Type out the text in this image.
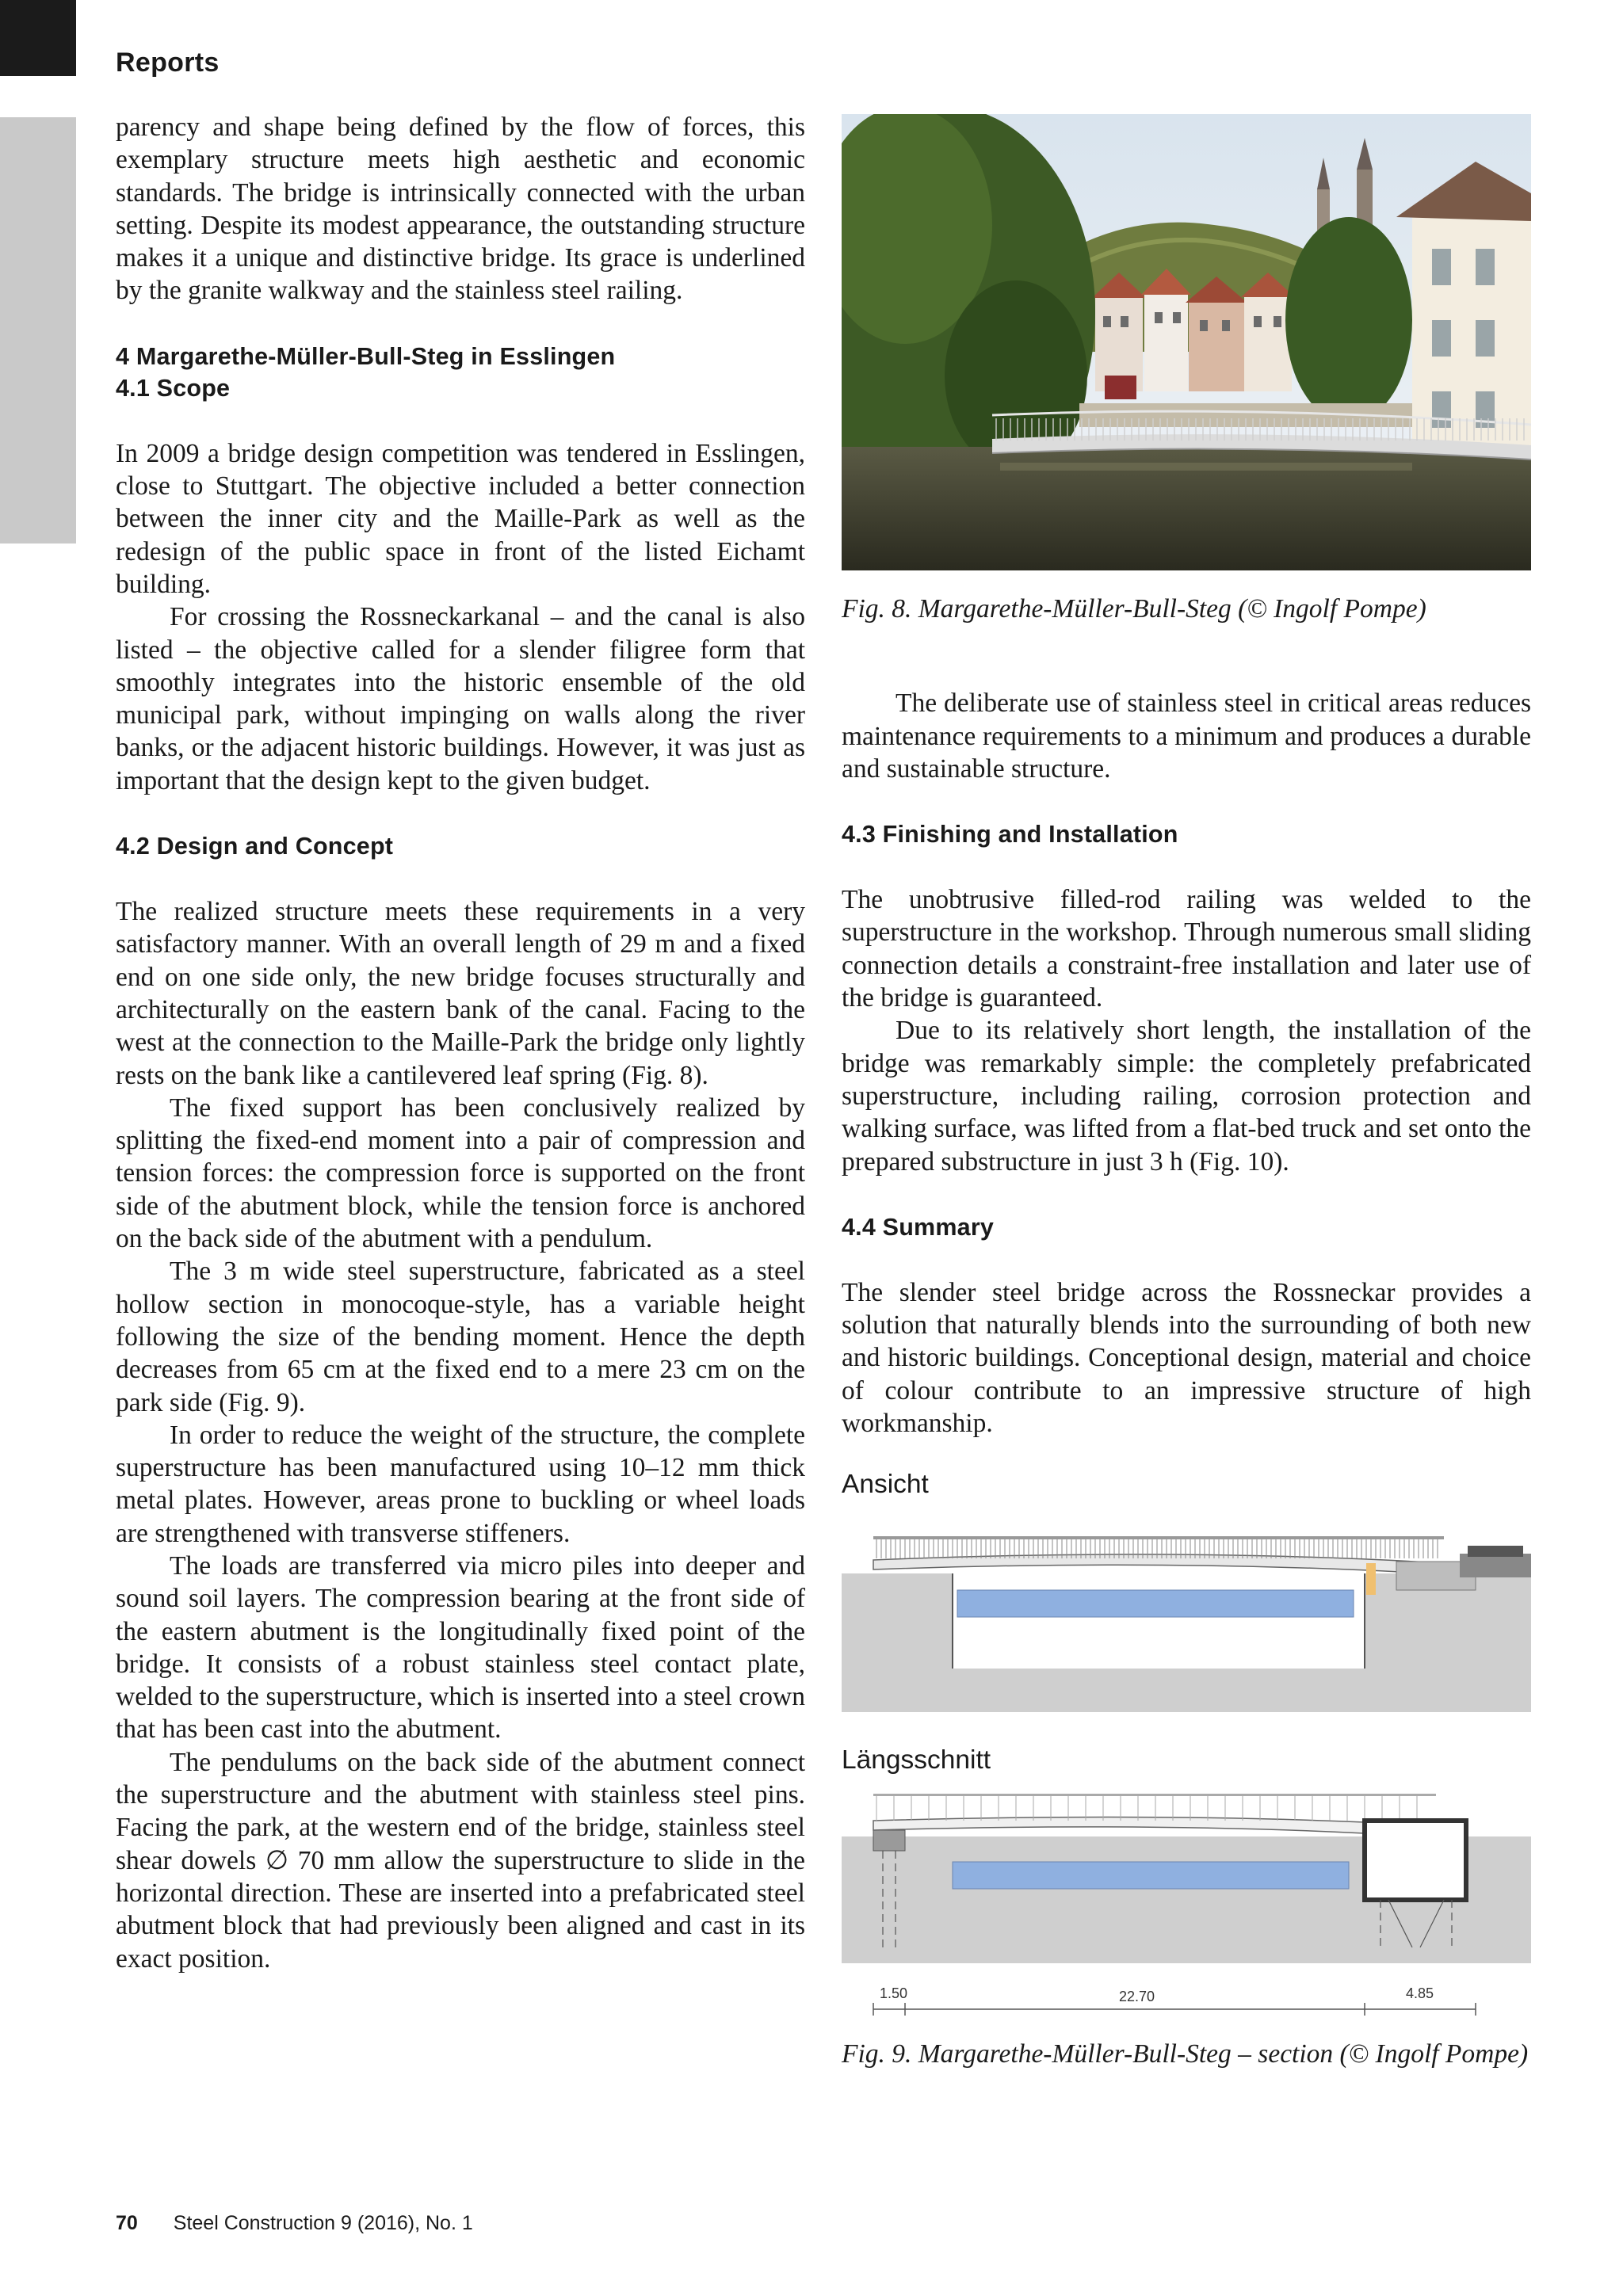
Reports

parency and shape being defined by the flow of forces, this exemplary structure meets high aesthetic and economic standards. The bridge is intrinsically connected with the urban setting. Despite its modest appearance, the outstanding structure makes it a unique and distinctive bridge. Its grace is underlined by the granite walkway and the stainless steel railing.

4 Margarethe-Müller-Bull-Steg in Esslingen
4.1 Scope

In 2009 a bridge design competition was tendered in Esslingen, close to Stuttgart. The objective included a better connection between the inner city and the Maille-Park as well as the redesign of the public space in front of the listed Eichamt building.

For crossing the Rossneckarkanal – and the canal is also listed – the objective called for a slender filigree form that smoothly integrates into the historic ensemble of the old municipal park, without impinging on walls along the river banks, or the adjacent historic buildings. However, it was just as important that the design kept to the given budget.

4.2 Design and Concept

The realized structure meets these requirements in a very satisfactory manner. With an overall length of 29 m and a fixed end on one side only, the new bridge focuses structurally and architecturally on the eastern bank of the canal. Facing to the west at the connection to the Maille-Park the bridge only lightly rests on the bank like a cantilevered leaf spring (Fig. 8).

The fixed support has been conclusively realized by splitting the fixed-end moment into a pair of compression and tension forces: the compression force is supported on the front side of the abutment block, while the tension force is anchored on the back side of the abutment with a pendulum.

The 3 m wide steel superstructure, fabricated as a steel hollow section in monocoque-style, has a variable height following the size of the bending moment. Hence the depth decreases from 65 cm at the fixed end to a mere 23 cm on the park side (Fig. 9).

In order to reduce the weight of the structure, the complete superstructure has been manufactured using 10–12 mm thick metal plates. However, areas prone to buckling or wheel loads are strengthened with transverse stiffeners.

The loads are transferred via micro piles into deeper and sound soil layers. The compression bearing at the front side of the eastern abutment is the longitudinally fixed point of the bridge. It consists of a robust stainless steel contact plate, welded to the superstructure, which is inserted into a steel crown that has been cast into the abutment.

The pendulums on the back side of the abutment connect the superstructure and the abutment with stainless steel pins. Facing the park, at the western end of the bridge, stainless steel shear dowels ∅ 70 mm allow the superstructure to slide in the horizontal direction. These are inserted into a prefabricated steel abutment block that had previously been aligned and cast in its exact position.

Fig. 8. Margarethe-Müller-Bull-Steg (© Ingolf Pompe)

The deliberate use of stainless steel in critical areas reduces maintenance requirements to a minimum and produces a durable and sustainable structure.

4.3 Finishing and Installation

The unobtrusive filled-rod railing was welded to the superstructure in the workshop. Through numerous small sliding connection details a constraint-free installation and later use of the bridge is guaranteed.

Due to its relatively short length, the installation of the bridge was remarkably simple: the completely prefabricated superstructure, including railing, corrosion protection and walking surface, was lifted from a flat-bed truck and set onto the prepared substructure in just 3 h (Fig. 10).

4.4 Summary

The slender steel bridge across the Rossneckar provides a solution that naturally blends into the surrounding of both new and historic buildings. Conceptional design, material and choice of colour contribute to an impressive structure of high workmanship.

Ansicht

Längsschnitt

1.50	22.70	4.85

Fig. 9. Margarethe-Müller-Bull-Steg – section (© Ingolf Pompe)

70 Steel Construction 9 (2016), No. 1
